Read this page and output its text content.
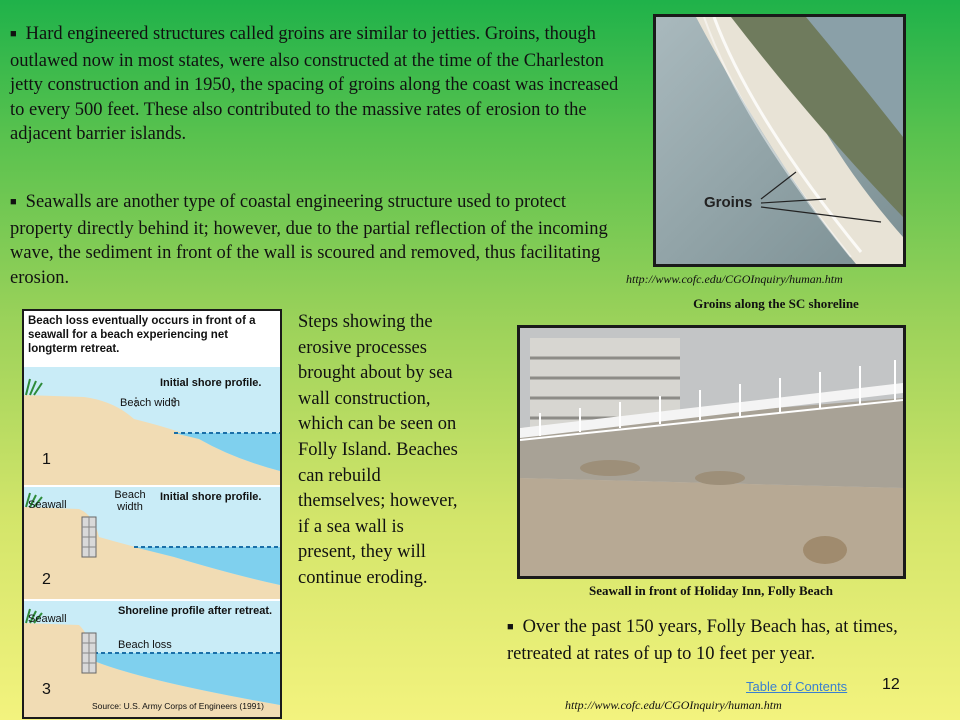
■ Hard engineered structures called groins are similar to jetties. Groins, though outlawed now in most states, were also constructed at the time of the Charleston jetty construction and in 1950, the spacing of groins along the coast was increased to every 500 feet. These also contributed to the massive rates of erosion to the adjacent barrier islands.

■ Seawalls are another type of coastal engineering structure used to protect property directly behind it; however, due to the partial reflection of the incoming wave, the sediment in front of the wall is scoured and removed, thus facilitating erosion.

Groins
http://www.cofc.edu/CGOInquiry/human.htm
Groins along the SC shoreline
Beach loss eventually occurs in front of a seawall for a beach experiencing net longterm retreat.
Initial shore profile.
Beach width
1
Initial shore profile.
Seawall
Beach width
2
Shoreline profile after retreat.
Seawall
Beach loss
3
Source: U.S. Army Corps of Engineers (1991)

Steps showing the erosive processes brought about by sea wall construction, which can be seen on Folly Island. Beaches can rebuild themselves; however, if a sea wall is present, they will continue eroding.

Seawall in front of Holiday Inn, Folly Beach

■ Over the past 150 years, Folly Beach has, at times, retreated at rates of up to 10 feet per year.

Table of Contents 12
http://www.cofc.edu/CGOInquiry/human.htm
